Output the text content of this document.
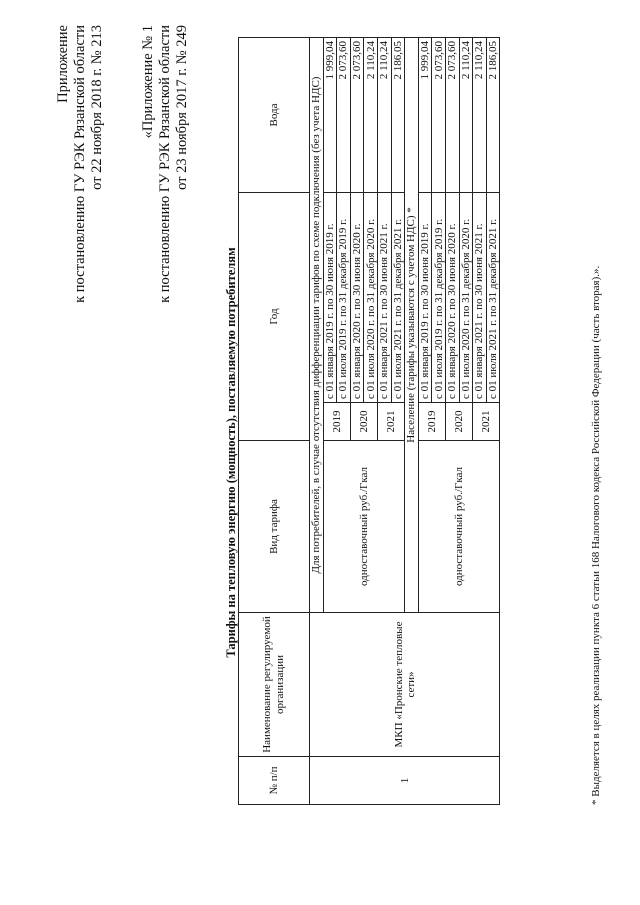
Приложение к постановлению ГУ РЭК Рязанской области от 22 ноября 2018 г. № 213 «Приложение № 1 к постановлению ГУ РЭК Рязанской области от 23 ноября 2017 г. № 249
Тарифы на тепловую энергию (мощность), поставляемую потребителям
№ п/п	Наименование регулируемой организации	Вид тарифа	Год		Вода
1	МКП «Пронские тепловые сети»	Для потребителей, в случае отсутствия дифференциации тарифов по схеме подключения (без учета НДС)			
		одноставочный руб./Гкал	2019	с 01 января 2019 г. по 30 июня 2019 г.	1 999,04
				с 01 июля 2019 г. по 31 декабря 2019 г.	2 073,60
			2020	с 01 января 2020 г. по 30 июня 2020 г.	2 073,60
				с 01 июля 2020 г. по 31 декабря 2020 г.	2 110,24
			2021	с 01 января 2021 г. по 30 июня 2021 г.	2 110,24
				с 01 июля 2021 г. по 31 декабря 2021 г.	2 186,05
		Население (тарифы указываются с учетом НДС) *			
		одноставочный руб./Гкал	2019	с 01 января 2019 г. по 30 июня 2019 г.	1 999,04
				с 01 июля 2019 г. по 31 декабря 2019 г.	2 073,60
			2020	с 01 января 2020 г. по 30 июня 2020 г.	2 073,60
				с 01 июля 2020 г. по 31 декабря 2020 г.	2 110,24
			2021	с 01 января 2021 г. по 30 июня 2021 г.	2 110,24
				с 01 июля 2021 г. по 31 декабря 2021 г.	2 186,05
* Выделяется в целях реализации пункта 6 статьи 168 Налогового кодекса Российской Федерации (часть вторая).».
